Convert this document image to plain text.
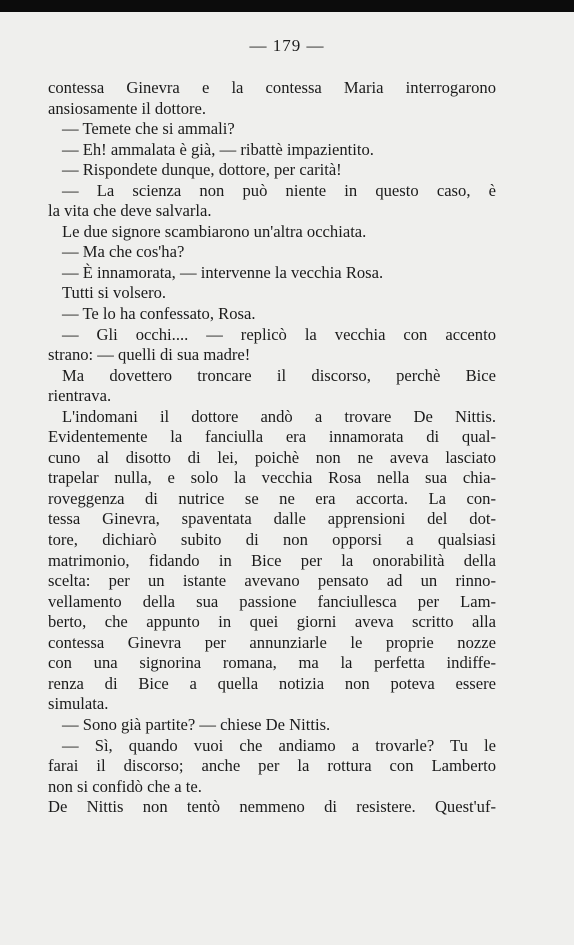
— 179 —
contessa Ginevra e la contessa Maria interrogarono
ansiosamente il dottore.
— Temete che si ammali?
— Eh! ammalata è già, — ribattè impazientito.
— Rispondete dunque, dottore, per carità!
— La scienza non può niente in questo caso, è
la vita che deve salvarla.
Le due signore scambiarono un'altra occhiata.
— Ma che cos'ha?
— È innamorata, — intervenne la vecchia Rosa.
Tutti si volsero.
— Te lo ha confessato, Rosa.
— Gli occhi.... — replicò la vecchia con accento
strano: — quelli di sua madre!
Ma dovettero troncare il discorso, perchè Bice
rientrava.
L'indomani il dottore andò a trovare De Nittis.
Evidentemente la fanciulla era innamorata di qual-
cuno al disotto di lei, poichè non ne aveva lasciato
trapelar nulla, e solo la vecchia Rosa nella sua chia-
roveggenza di nutrice se ne era accorta. La con-
tessa Ginevra, spaventata dalle apprensioni del dot-
tore, dichiarò subito di non opporsi a qualsiasi
matrimonio, fidando in Bice per la onorabilità della
scelta: per un istante avevano pensato ad un rinno-
vellamento della sua passione fanciullesca per Lam-
berto, che appunto in quei giorni aveva scritto alla
contessa Ginevra per annunziarle le proprie nozze
con una signorina romana, ma la perfetta indiffe-
renza di Bice a quella notizia non poteva essere
simulata.
— Sono già partite? — chiese De Nittis.
— Sì, quando vuoi che andiamo a trovarle? Tu le
farai il discorso; anche per la rottura con Lamberto
non si confidò che a te.
De Nittis non tentò nemmeno di resistere. Quest'uf-
